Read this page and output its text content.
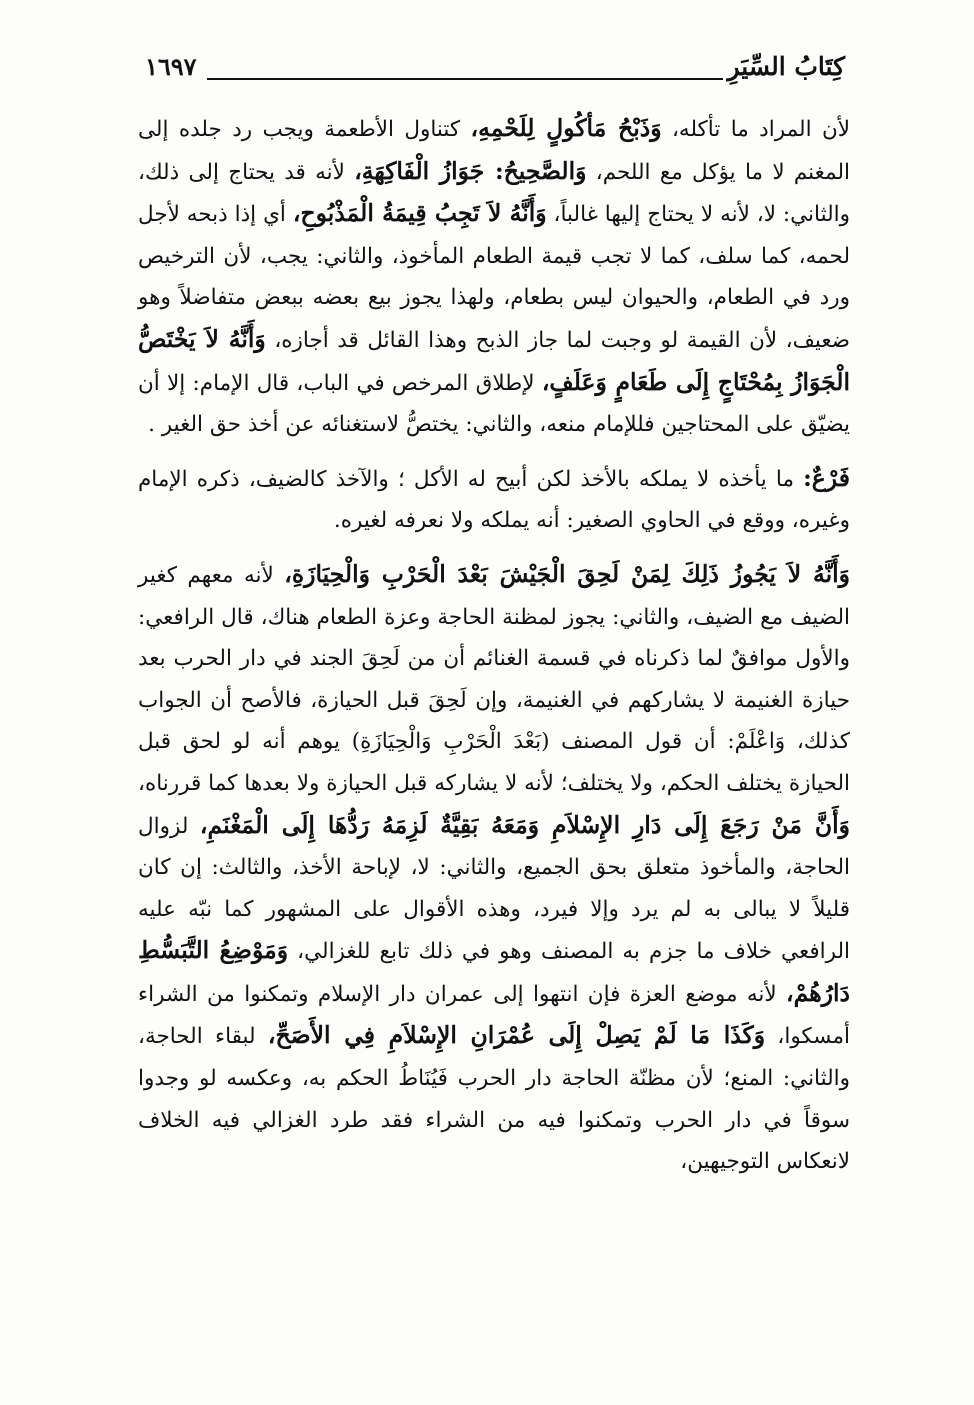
١٦٩٧	كِتَابُ السِّيَرِ

لأن المراد ما تأكله، وَذَبْحُ مَأكُولٍ لِلَحْمِهِ، كتناول الأطعمة ويجب رد جلده إلى المغنم لا ما يؤكل مع اللحم، وَالصَّحِيحُ: جَوَازُ الْفَاكِهَةِ، لأنه قد يحتاج إلى ذلك، والثاني: لا، لأنه لا يحتاج إليها غالباً، وَأَنَّهُ لاَ تَجِبُ قِيمَةُ الْمَذْبُوحِ، أي إذا ذبحه لأجل لحمه، كما سلف، كما لا تجب قيمة الطعام المأخوذ، والثاني: يجب، لأن الترخيص ورد في الطعام، والحيوان ليس بطعام، ولهذا يجوز بيع بعضه ببعض متفاضلاً وهو ضعيف، لأن القيمة لو وجبت لما جاز الذبح وهذا القائل قد أجازه، وَأَنَّهُ لاَ يَخْتَصُّ الْجَوَازُ بِمُحْتَاجٍ إِلَى طَعَامٍ وَعَلَفٍ، لإطلاق المرخص في الباب، قال الإمام: إلا أن يضيّق على المحتاجين فللإمام منعه، والثاني: يختصُّ لاستغنائه عن أخذ حق الغير .

فَرْعٌ: ما يأخذه لا يملكه بالأخذ لكن أبيح له الأكل ؛ والآخذ كالضيف، ذكره الإمام وغيره، ووقع في الحاوي الصغير: أنه يملكه ولا نعرفه لغيره.

وَأَنَّهُ لاَ يَجُوزُ ذَلِكَ لِمَنْ لَحِقَ الْجَيْشَ بَعْدَ الْحَرْبِ وَالْحِيَازَةِ، لأنه معهم كغير الضيف مع الضيف، والثاني: يجوز لمظنة الحاجة وعزة الطعام هناك، قال الرافعي: والأول موافقٌ لما ذكرناه في قسمة الغنائم أن من لَحِقَ الجند في دار الحرب بعد حيازة الغنيمة لا يشاركهم في الغنيمة، وإن لَحِقَ قبل الحيازة، فالأصح أن الجواب كذلك، وَاعْلَمْ: أن قول المصنف (بَعْدَ الْحَرْبِ وَالْحِيَازَةِ) يوهم أنه لو لحق قبل الحيازة يختلف الحكم، ولا يختلف؛ لأنه لا يشاركه قبل الحيازة ولا بعدها كما قررناه، وَأَنَّ مَنْ رَجَعَ إِلَى دَارِ الإِسْلاَمِ وَمَعَهُ بَقِيَّةٌ لَزِمَهُ رَدُّهَا إِلَى الْمَغْنَمِ، لزوال الحاجة، والمأخوذ متعلق بحق الجميع، والثاني: لا، لإباحة الأخذ، والثالث: إن كان قليلاً لا يبالى به لم يرد وإلا فيرد، وهذه الأقوال على المشهور كما نبّه عليه الرافعي خلاف ما جزم به المصنف وهو في ذلك تابع للغزالي، وَمَوْضِعُ التَّبَسُّطِ دَارُهُمْ، لأنه موضع العزة فإن انتهوا إلى عمران دار الإسلام وتمكنوا من الشراء أمسكوا، وَكَذَا مَا لَمْ يَصِلْ إِلَى عُمْرَانِ الإِسْلاَمِ فِي الأَصَحِّ، لبقاء الحاجة، والثاني: المنع؛ لأن مظنّة الحاجة دار الحرب فَيُنَاطُ الحكم به، وعكسه لو وجدوا سوقاً في دار الحرب وتمكنوا فيه من الشراء فقد طرد الغزالي فيه الخلاف لانعكاس التوجيهين،
